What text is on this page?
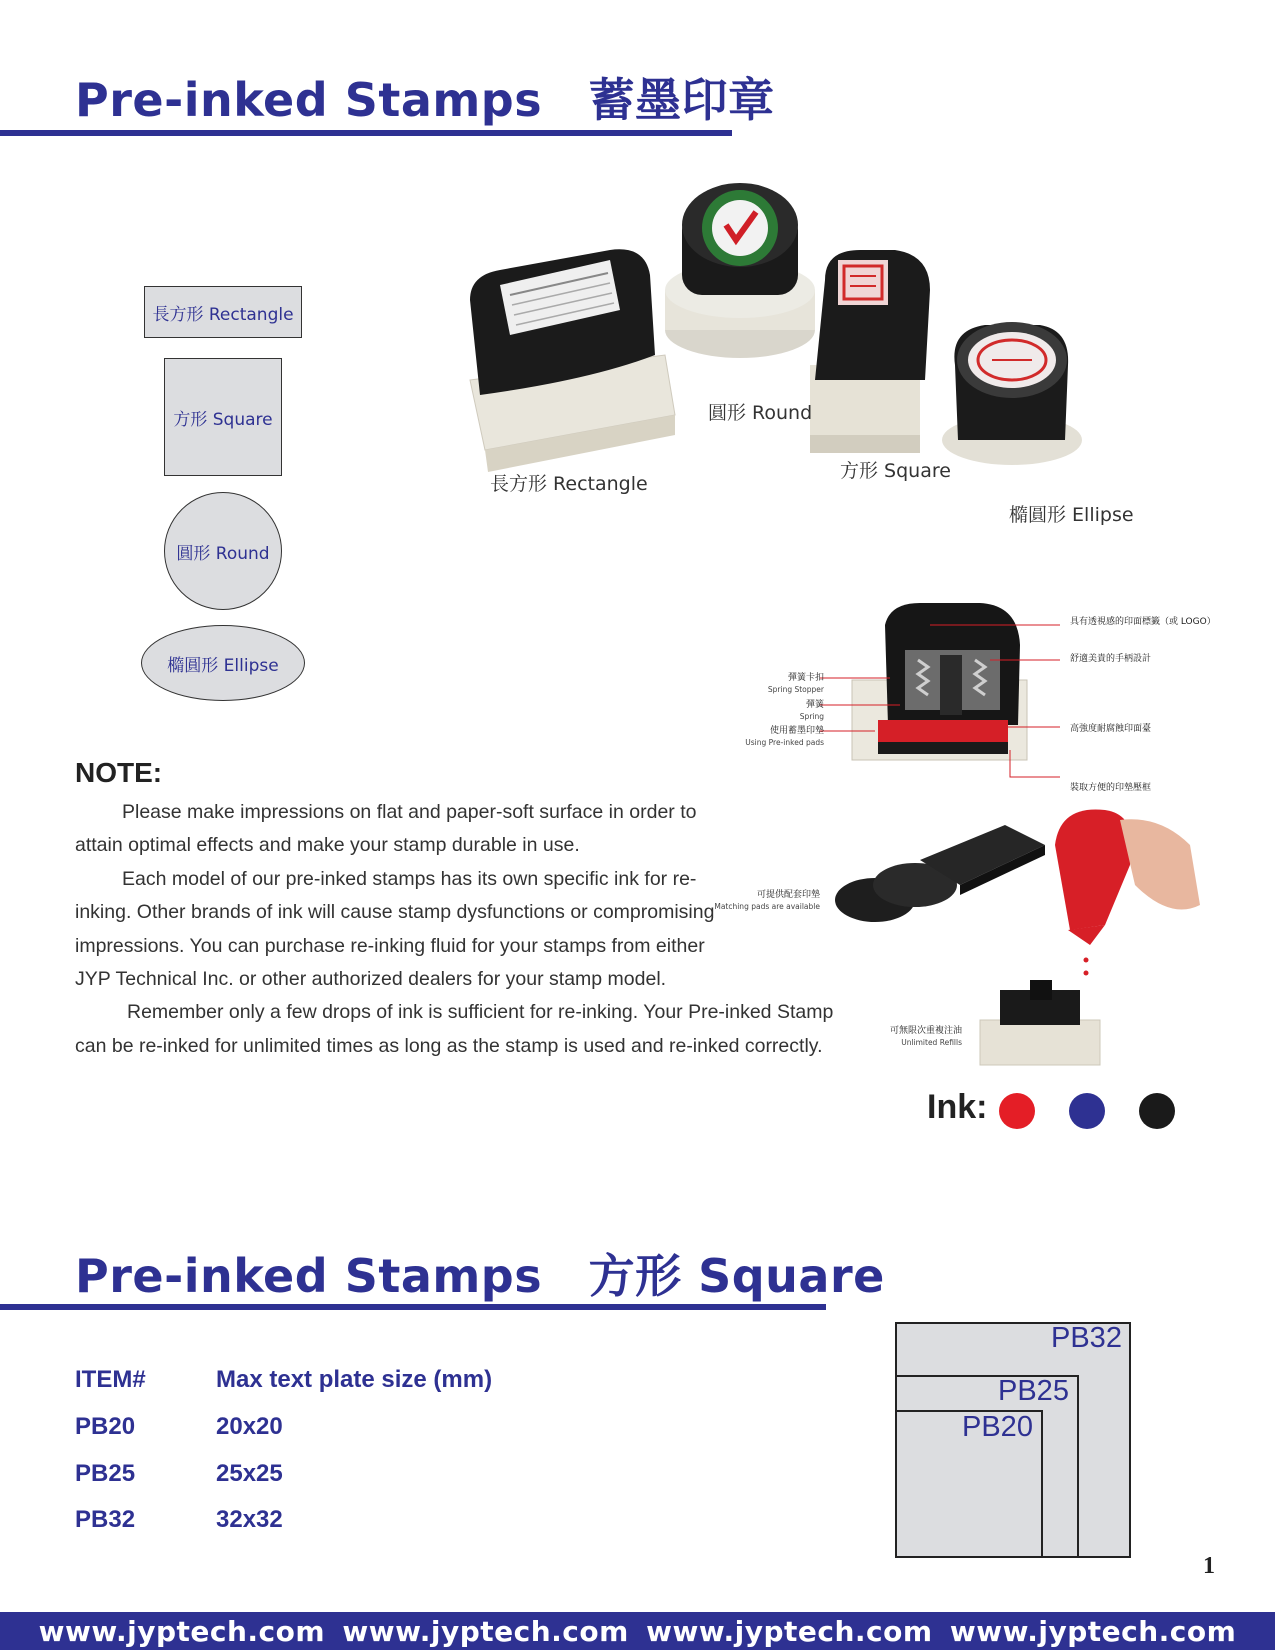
Pre-inked Stamps　蓄墨印章
長方形 Rectangle
方形 Square
圓形 Round
橢圓形 Ellipse
長方形 Rectangle
圓形 Round
方形 Square
橢圓形 Ellipse
彈簧卡扣
Spring Stopper
彈簧
Spring
使用蓄墨印墊
Using Pre-inked pads
具有透視感的印面標籤（或 LOGO）
舒適美貴的手柄設計
高強度耐腐蝕印面臺
裝取方便的印墊壓框
可提供配套印墊
Matching pads are available
可無限次重複注油
Unlimited Refills
NOTE:

Please make impressions on flat and paper-soft surface in order to attain optimal effects and make your stamp durable in use.

Each model of our pre-inked stamps has its own specific ink for re-inking. Other brands of ink will cause stamp dysfunctions or compromising impressions. You can purchase re-inking fluid for your stamps from either JYP Technical Inc. or other authorized dealers for your stamp model.

Remember only a few drops of ink is sufficient for re-inking. Your Pre-inked Stamp can be re-inked for unlimited times as long as the stamp is used and re-inked correctly.

Ink:
Pre-inked Stamps　方形 Square
ITEM#	Max text plate size (mm)
PB20	20x20
PB25	25x25
PB32	32x32
PB32
PB25
PB20
1
www.jyptech.com www.jyptech.com www.jyptech.com www.jyptech.com
